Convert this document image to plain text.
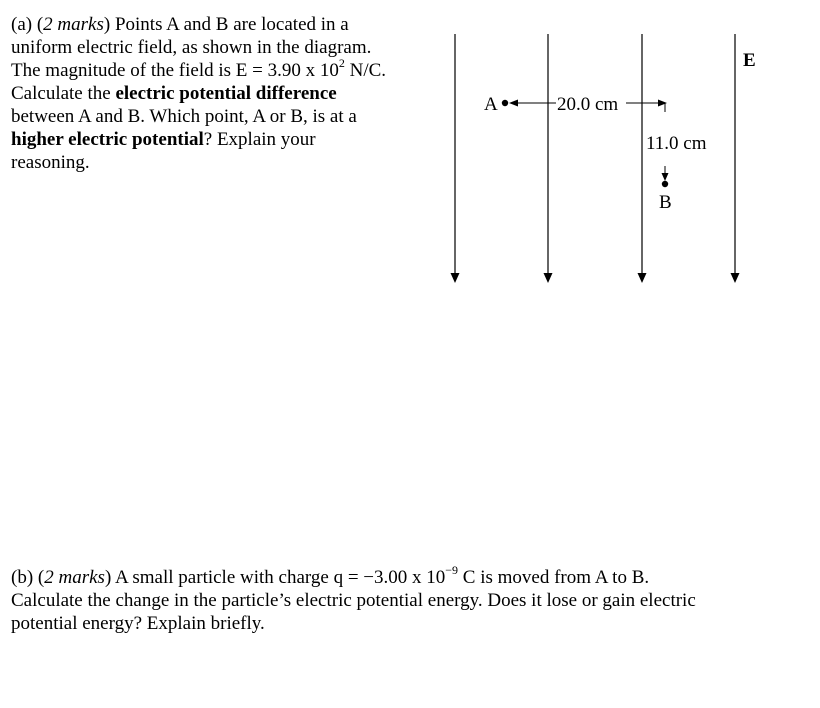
(a) (2 marks) Points A and B are located in a
uniform electric field, as shown in the diagram.
The magnitude of the field is E = 3.90 x $10^2$ N/C.
Calculate the electric potential difference
between A and B. Which point, A or B, is at a
higher electric potential? Explain your
reasoning.
E
A	20.0 cm
11.0 cm
B
(b) (2 marks) A small particle with charge q = −3.00 x $10^{-9}$ C is moved from A to B.
Calculate the change in the particle’s electric potential energy. Does it lose or gain electric
potential energy? Explain briefly.
